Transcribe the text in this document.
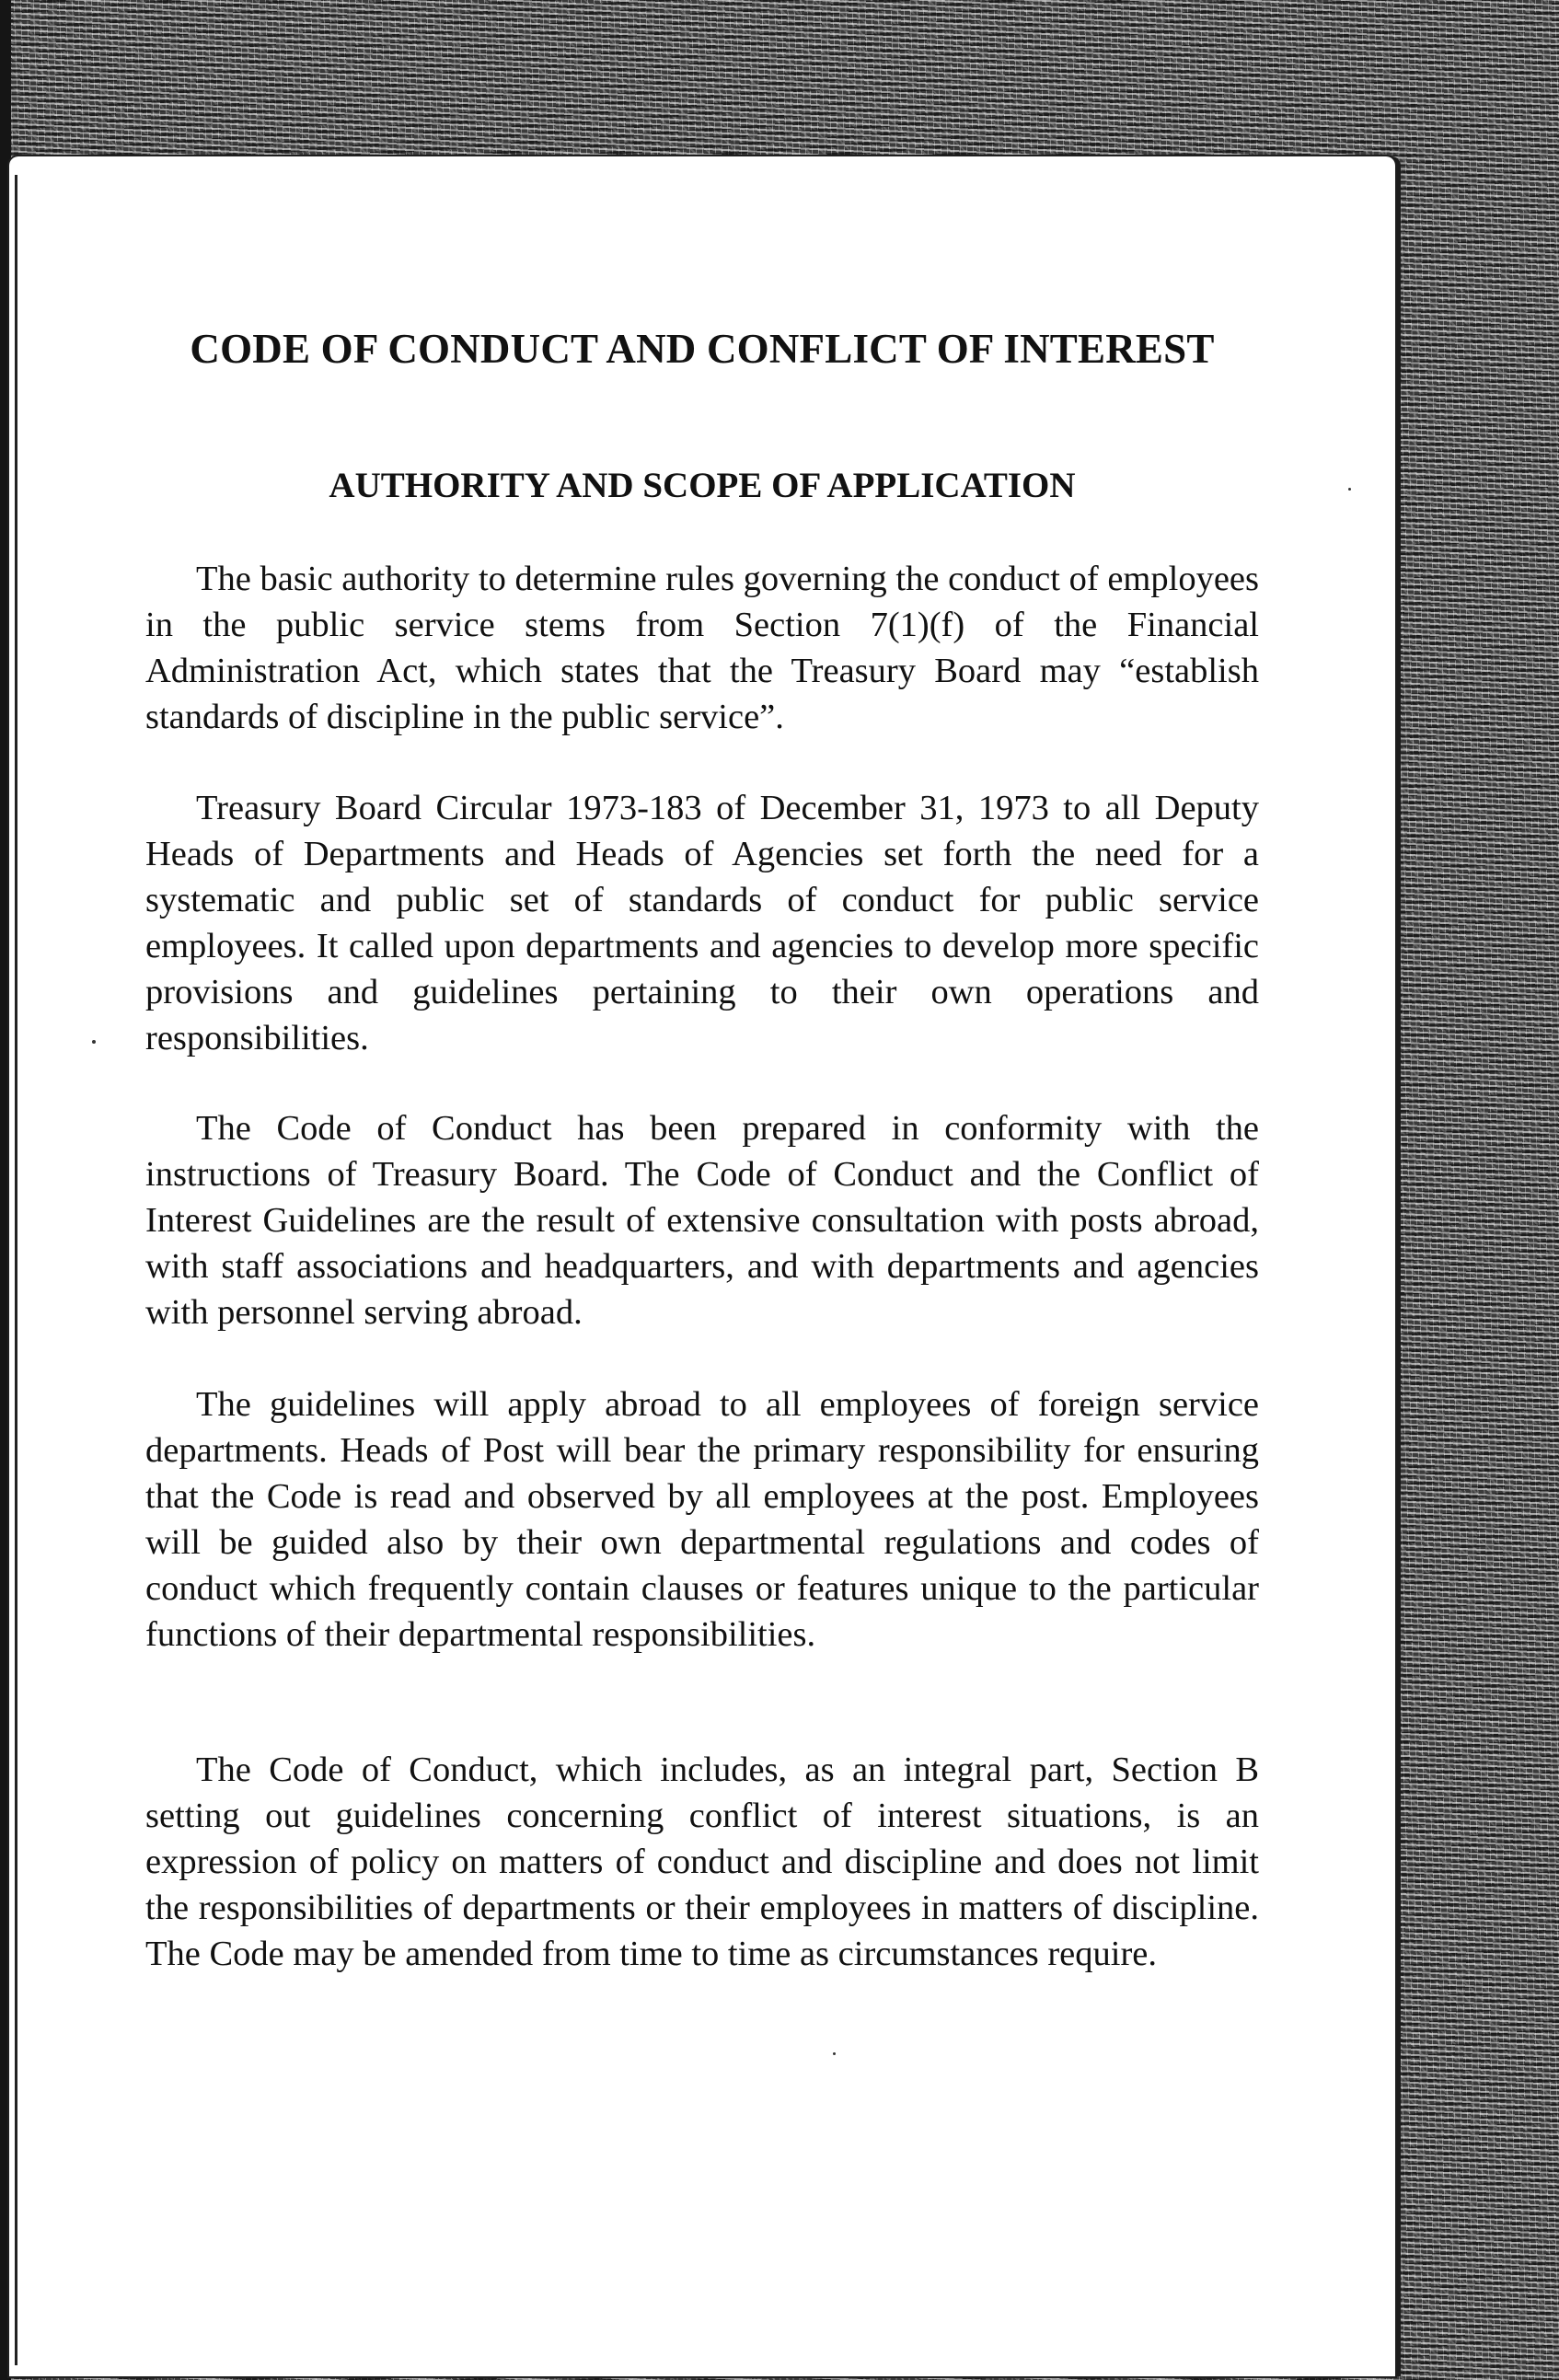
CODE OF CONDUCT AND CONFLICT OF INTEREST
AUTHORITY AND SCOPE OF APPLICATION

The basic authority to determine rules governing the conduct of employees in the public service stems from Section 7(1)(f) of the Financial Administration Act, which states that the Treasury Board may “establish standards of discipline in the public service”.

Treasury Board Circular 1973-183 of December 31, 1973 to all Deputy Heads of Departments and Heads of Agencies set forth the need for a systematic and public set of standards of conduct for public service employees. It called upon departments and agencies to develop more specific provisions and guidelines pertaining to their own operations and responsibilities.

The Code of Conduct has been prepared in conformity with the instructions of Treasury Board. The Code of Conduct and the Conflict of Interest Guidelines are the result of extensive consultation with posts abroad, with staff associations and headquarters, and with departments and agencies with personnel serving abroad.

The guidelines will apply abroad to all employees of foreign service departments. Heads of Post will bear the primary responsibility for ensuring that the Code is read and observed by all employees at the post. Employees will be guided also by their own departmental regulations and codes of conduct which frequently contain clauses or features unique to the particular functions of their departmental responsibilities.

The Code of Conduct, which includes, as an integral part, Section B setting out guidelines concerning conflict of interest situations, is an expression of policy on matters of conduct and discipline and does not limit the responsibilities of departments or their employees in matters of discipline. The Code may be amended from time to time as circumstances require.
